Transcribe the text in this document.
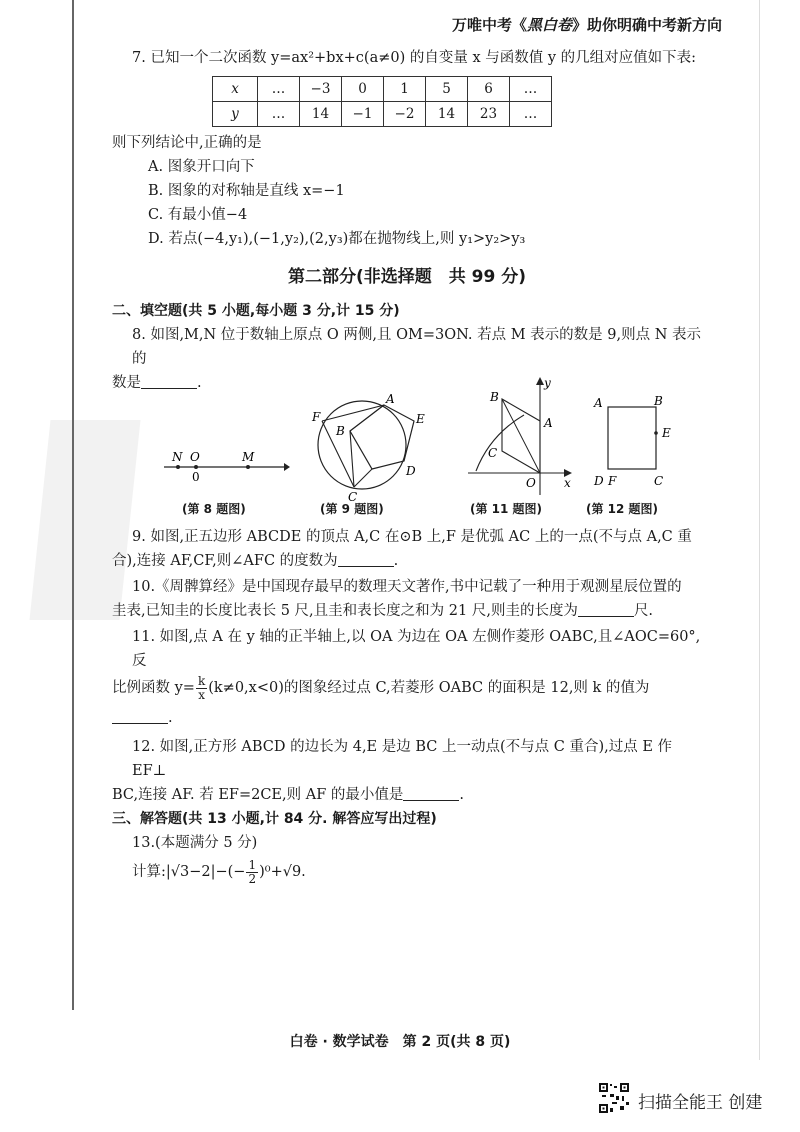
万唯中考《黑白卷》助你明确中考新方向
7. 已知一个二次函数 y=ax²+bx+c(a≠0) 的自变量 x 与函数值 y 的几组对应值如下表:
x	…	−3	0	1	5	6	…
y	…	14	−1	−2	14	23	…
则下列结论中,正确的是
A. 图象开口向下
B. 图象的对称轴是直线 x=−1
C. 有最小值−4
D. 若点(−4,y₁),(−1,y₂),(2,y₃)都在抛物线上,则 y₁>y₂>y₃
第二部分(非选择题　共 99 分)
二、填空题(共 5 小题,每小题 3 分,计 15 分)
8. 如图,M,N 位于数轴上原点 O 两侧,且 OM=3ON. 若点 M 表示的数是 9,则点 N 表示的
数是	.
N O	M
0
(第 8 题图)
F
A
B
E
C
D
(第 9 题图)
y
B
A
C
O x
(第 11 题图)
A	B
E
D F	C
(第 12 题图)
9. 如图,正五边形 ABCDE 的顶点 A,C 在⊙B 上,F 是优弧 AC 上的一点(不与点 A,C 重
合),连接 AF,CF,则∠AFC 的度数为	.
10.《周髀算经》是中国现存最早的数理天文著作,书中记载了一种用于观测星辰位置的
圭表,已知圭的长度比表长 5 尺,且圭和表长度之和为 21 尺,则圭的长度为	尺.
11. 如图,点 A 在 y 轴的正半轴上,以 OA 为边在 OA 左侧作菱形 OABC,且∠AOC=60°,反
比例函数 $y= \frac{k}{x} (k\ne 0,x<0)$的图象经过点 C,若菱形 OABC 的面积是 12,则 k 的值为.
12. 如图,正方形 ABCD 的边长为 4,E 是边 BC 上一动点(不与点 C 重合),过点 E 作 EF⊥
BC,连接 AF. 若 EF=2CE,则 AF 的最小值是	.
三、解答题(共 13 小题,计 84 分. 解答应写出过程)
13.(本题满分 5 分)
计算:|√3−2|−(− $\frac{1}{2} )^0+√9$.
白卷 · 数学试卷　第 2 页(共 8 页)
扫描全能王 创建
